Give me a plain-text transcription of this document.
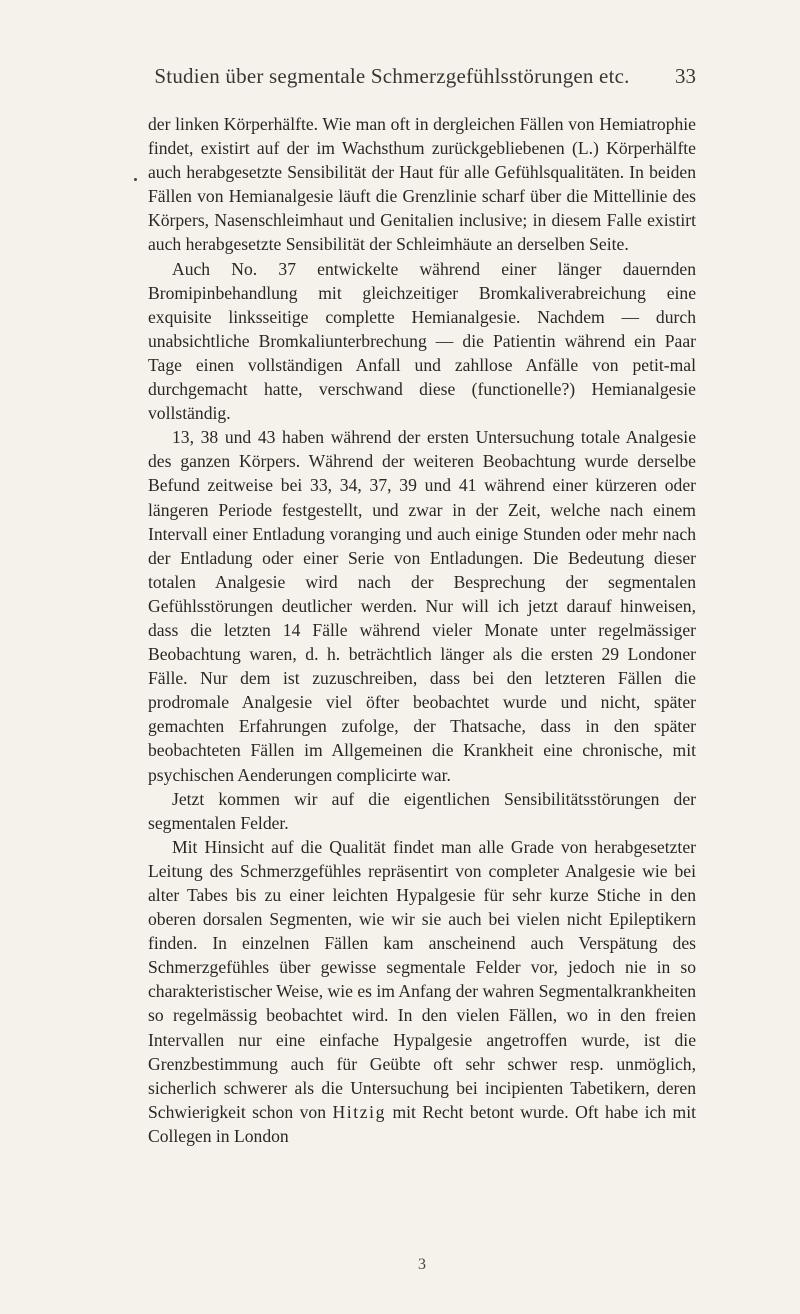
Studien über segmentale Schmerzgefühlsstörungen etc.	33

der linken Körperhälfte. Wie man oft in dergleichen Fällen von Hemiatrophie findet, existirt auf der im Wachsthum zurückgebliebenen (L.) Körperhälfte auch herabgesetzte Sensibilität der Haut für alle Gefühlsqualitäten. In beiden Fällen von Hemianalgesie läuft die Grenzlinie scharf über die Mittellinie des Körpers, Nasenschleimhaut und Genitalien inclusive; in diesem Falle existirt auch herabgesetzte Sensibilität der Schleimhäute an derselben Seite.

Auch No. 37 entwickelte während einer länger dauernden Bromipinbehandlung mit gleichzeitiger Bromkaliverabreichung eine exquisite linksseitige complette Hemianalgesie. Nachdem — durch unabsichtliche Bromkaliunterbrechung — die Patientin während ein Paar Tage einen vollständigen Anfall und zahllose Anfälle von petit-mal durchgemacht hatte, verschwand diese (functionelle?) Hemianalgesie vollständig.

13, 38 und 43 haben während der ersten Untersuchung totale Analgesie des ganzen Körpers. Während der weiteren Beobachtung wurde derselbe Befund zeitweise bei 33, 34, 37, 39 und 41 während einer kürzeren oder längeren Periode festgestellt, und zwar in der Zeit, welche nach einem Intervall einer Entladung voranging und auch einige Stunden oder mehr nach der Entladung oder einer Serie von Entladungen. Die Bedeutung dieser totalen Analgesie wird nach der Besprechung der segmentalen Gefühlsstörungen deutlicher werden. Nur will ich jetzt darauf hinweisen, dass die letzten 14 Fälle während vieler Monate unter regelmässiger Beobachtung waren, d. h. beträchtlich länger als die ersten 29 Londoner Fälle. Nur dem ist zuzuschreiben, dass bei den letzteren Fällen die prodromale Analgesie viel öfter beobachtet wurde und nicht, später gemachten Erfahrungen zufolge, der Thatsache, dass in den später beobachteten Fällen im Allgemeinen die Krankheit eine chronische, mit psychischen Aenderungen complicirte war.

Jetzt kommen wir auf die eigentlichen Sensibilitätsstörungen der segmentalen Felder.

Mit Hinsicht auf die Qualität findet man alle Grade von herabgesetzter Leitung des Schmerzgefühles repräsentirt von completer Analgesie wie bei alter Tabes bis zu einer leichten Hypalgesie für sehr kurze Stiche in den oberen dorsalen Segmenten, wie wir sie auch bei vielen nicht Epileptikern finden. In einzelnen Fällen kam anscheinend auch Verspätung des Schmerzgefühles über gewisse segmentale Felder vor, jedoch nie in so charakteristischer Weise, wie es im Anfang der wahren Segmentalkrankheiten so regelmässig beobachtet wird. In den vielen Fällen, wo in den freien Intervallen nur eine einfache Hypalgesie angetroffen wurde, ist die Grenzbestimmung auch für Geübte oft sehr schwer resp. unmöglich, sicherlich schwerer als die Untersuchung bei incipienten Tabetikern, deren Schwierigkeit schon von Hitzig mit Recht betont wurde. Oft habe ich mit Collegen in London

3
